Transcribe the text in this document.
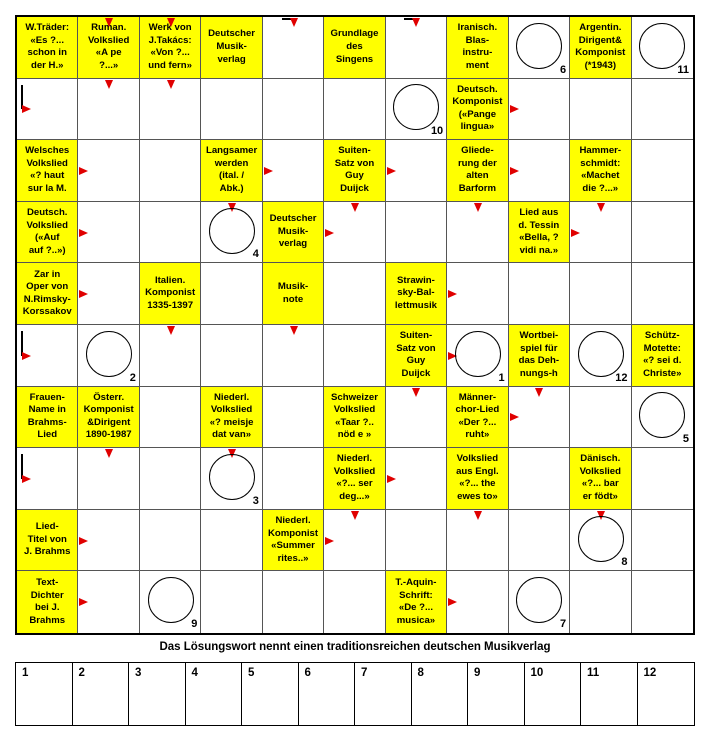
W.Träder:
«Es ?...
schon in
der H.»
Ruman.
Volkslied
«A pe
?...»
Werk von
J.Takács:
«Von ?...
und fern»
Deutscher
Musik-
verlag
Grundlage
des
Singens
Iranisch.
Blas-
instru-
ment
Argentin.
Dirigent&
Komponist
(*1943)
Deutsch.
Komponist
(«Pange
lingua»
Welsches
Volkslied
«? haut
sur la M.
Langsamer
werden
(ital. /
Abk.)
Suiten-
Satz von
Guy
Duijck
Gliede-
rung der
alten
Barform
Hammer-
schmidt:
«Machet
die ?...»
Deutsch.
Volkslied
(«Auf
auf ?..»)
Deutscher
Musik-
verlag
Lied aus
d. Tessin
«Bella, ?
vidi na.»
Zar in
Oper von
N.Rimsky-
Korssakov
Italien.
Komponist
1335-1397
Musik-
note
Strawin-
sky-Bal-
lettmusik
Suiten-
Satz von
Guy
Duijck
Wortbei-
spiel für
das Deh-
nungs-h
Schütz-
Motette:
«? sei d.
Christe»
Frauen-
Name in
Brahms-
Lied
Österr.
Komponist
&Dirigent
1890-1987
Niederl.
Volkslied
«? meisje
dat van»
Schweizer
Volkslied
«Taar ?..
nöd e »
Männer-
chor-Lied
«Der ?...
ruht»
Niederl.
Volkslied
«?... ser
deg...»
Volkslied
aus Engl.
«?... the
ewes to»
Dänisch.
Volkslied
«?... bar
er födt»
Lied-
Titel von
J. Brahms
Niederl.
Komponist
«Summer
rites..»
Text-
Dichter
bei J.
Brahms
T.-Aquin-
Schrift:
«De ?...
musica»
6	11
10
4
2	1	12
5
3
8
9	7
Das Lösungswort nennt einen traditionsreichen deutschen Musikverlag
1	2	3	4	5	6	7	8	9	10	11	12
